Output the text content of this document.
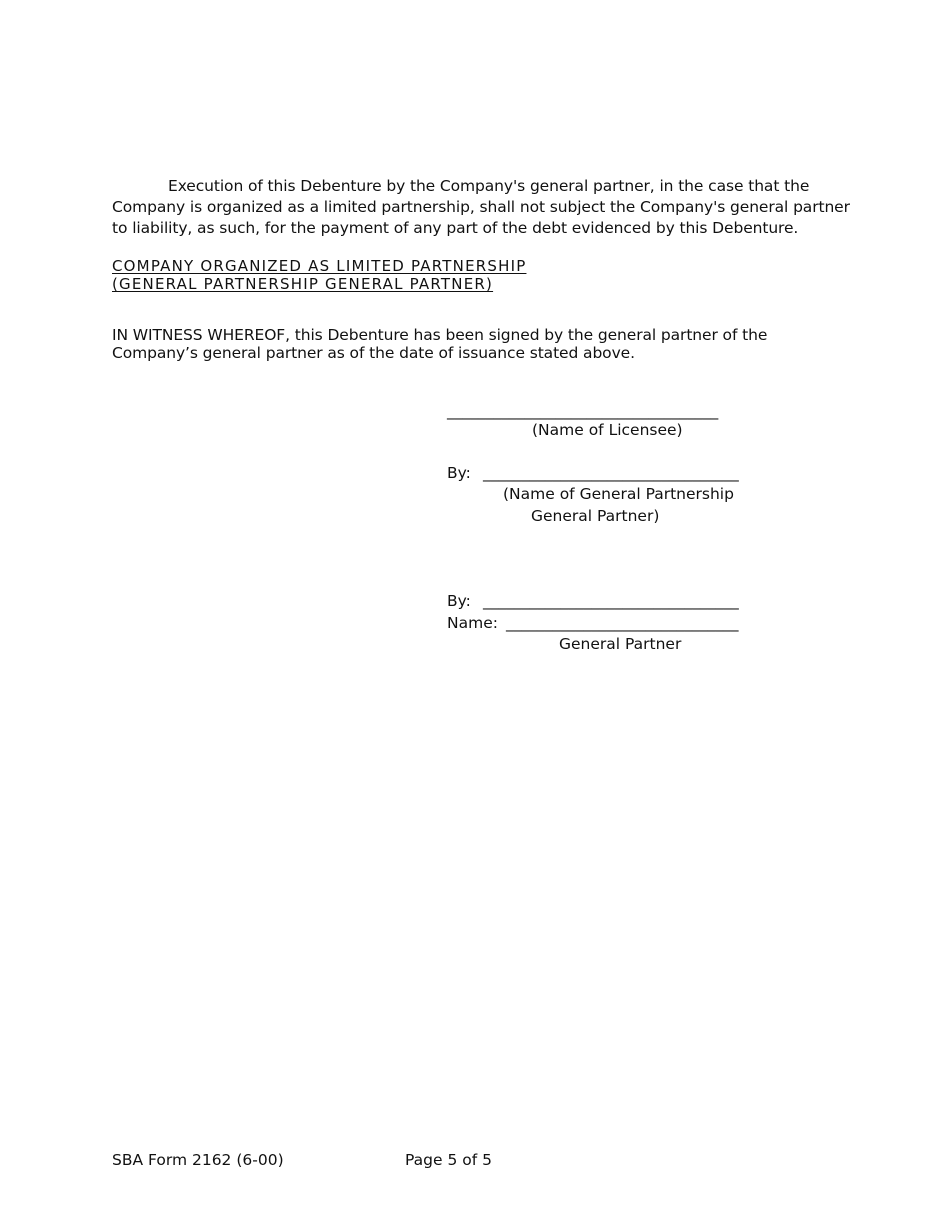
Execution of this Debenture by the Company's general partner, in the case that the
Company is organized as a limited partnership, shall not subject the Company's general partner
to liability, as such, for the payment of any part of the debt evidenced by this Debenture.
COMPANY ORGANIZED AS LIMITED PARTNERSHIP
(GENERAL PARTNERSHIP GENERAL PARTNER)
IN WITNESS WHEREOF, this Debenture has been signed by the general partner of the
Company’s general partner as of the date of issuance stated above.
___________________________________
(Name of Licensee)
By: _________________________________
(Name of General Partnership
General Partner)
By: _________________________________
Name: ______________________________
General Partner
SBA Form 2162 (6-00)	Page 5 of 5
